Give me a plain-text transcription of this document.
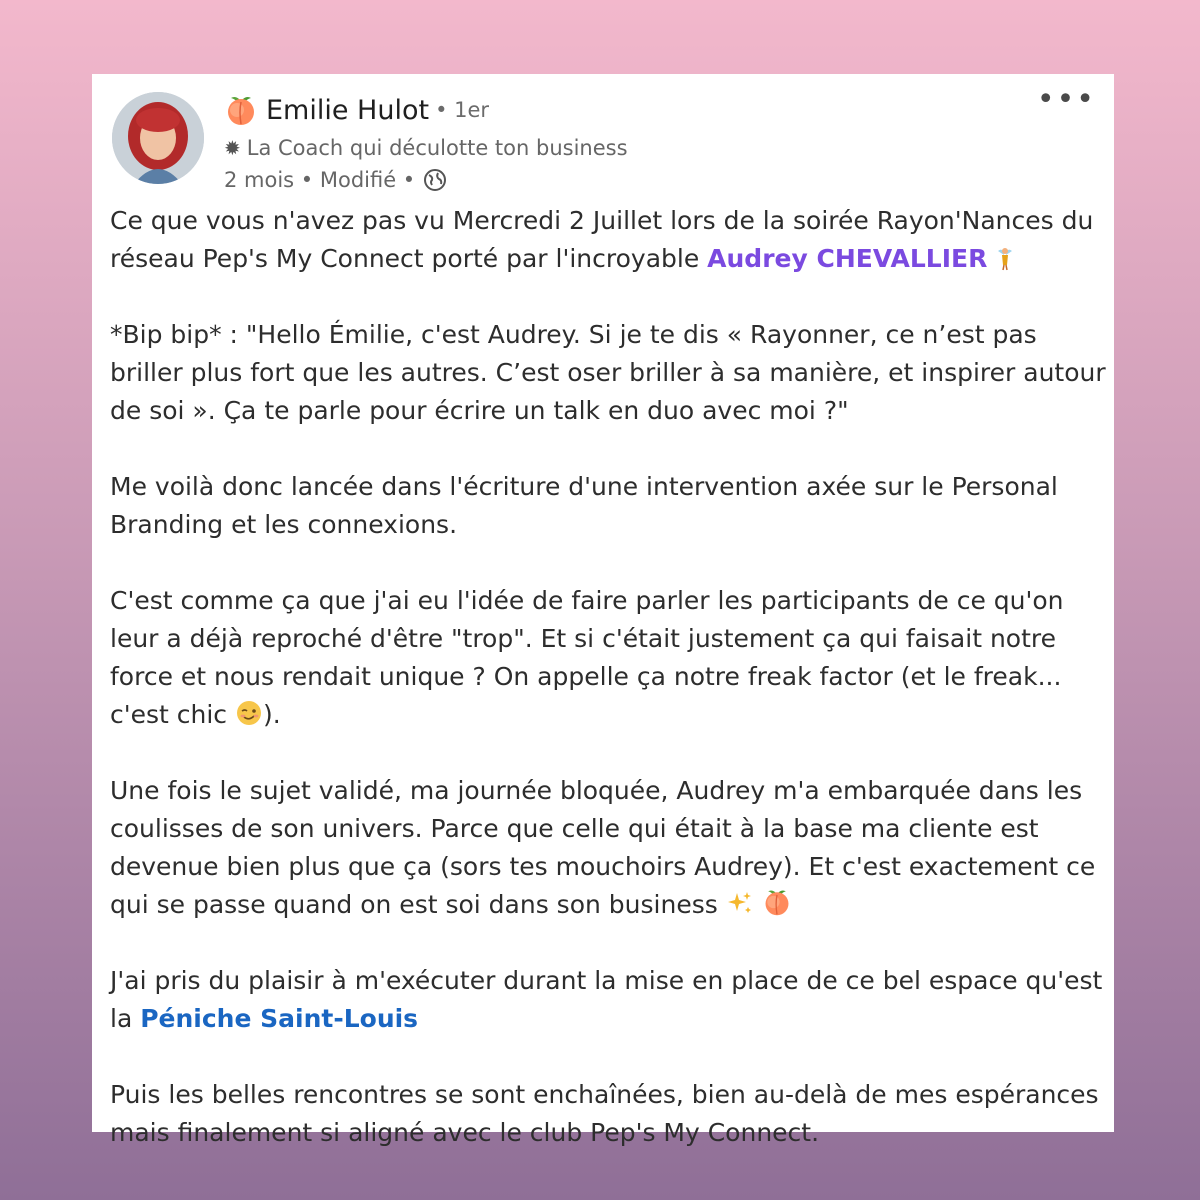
Emilie Hulot • 1er
✹ La Coach qui déculotte ton business
2 mois • Modifié •
•••

Ce que vous n'avez pas vu Mercredi 2 Juillet lors de la soirée Rayon'Nances du réseau Pep's My Connect porté par l'incroyable Audrey CHEVALLIER

*Bip bip* : "Hello Émilie, c'est Audrey. Si je te dis « Rayonner, ce n’est pas briller plus fort que les autres. C’est oser briller à sa manière, et inspirer autour de soi ». Ça te parle pour écrire un talk en duo avec moi ?"

Me voilà donc lancée dans l'écriture d'une intervention axée sur le Personal Branding et les connexions.

C'est comme ça que j'ai eu l'idée de faire parler les participants de ce qu'on leur a déjà reproché d'être "trop". Et si c'était justement ça qui faisait notre force et nous rendait unique ? On appelle ça notre freak factor (et le freak... c'est chic ).

Une fois le sujet validé, ma journée bloquée, Audrey m'a embarquée dans les coulisses de son univers. Parce que celle qui était à la base ma cliente est devenue bien plus que ça (sors tes mouchoirs Audrey). Et c'est exactement ce qui se passe quand on est soi dans son business

J'ai pris du plaisir à m'exécuter durant la mise en place de ce bel espace qu'est la Péniche Saint-Louis

Puis les belles rencontres se sont enchaînées, bien au-delà de mes espérances mais finalement si aligné avec le club Pep's My Connect.
